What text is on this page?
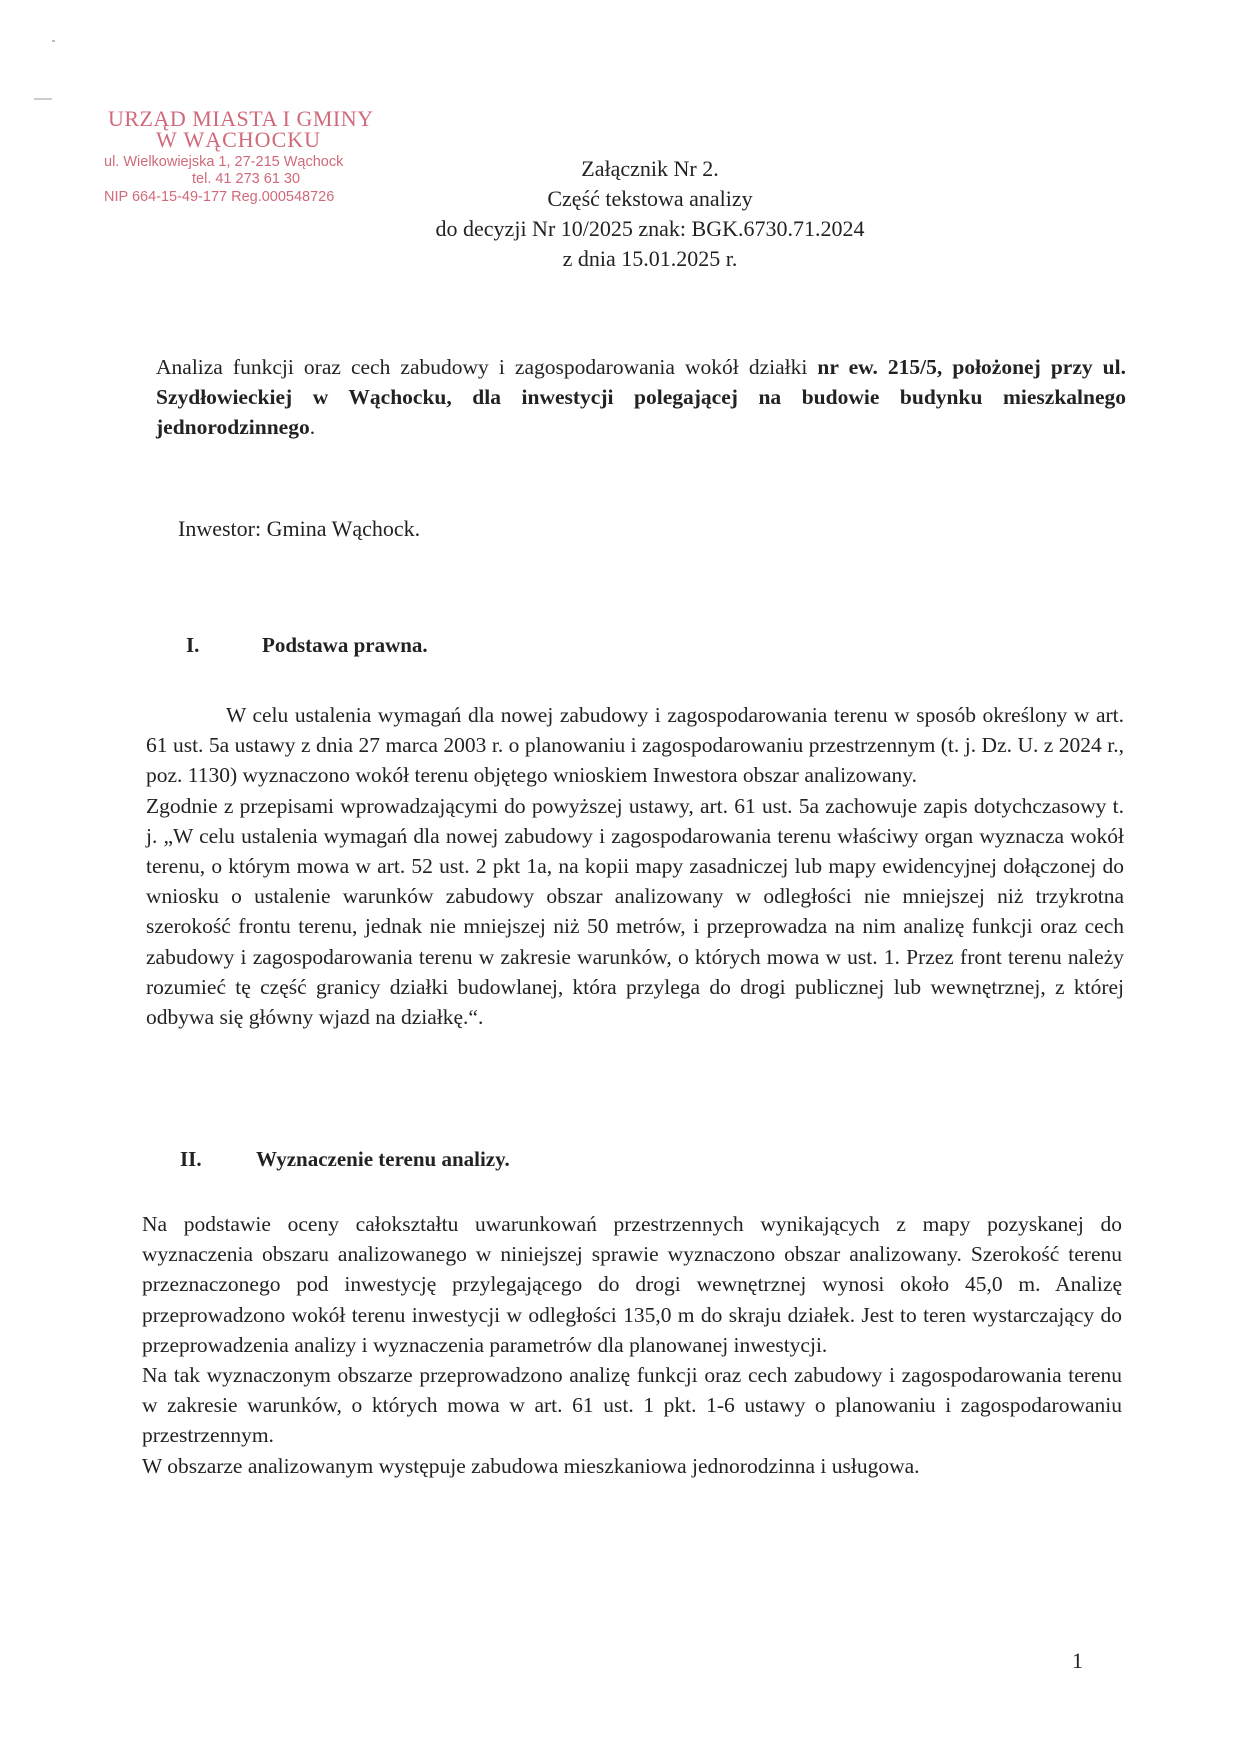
URZĄD MIASTA I GMINY
W WĄCHOCKU
ul. Wielkowiejska 1, 27-215 Wąchock
tel. 41 273 61 30
NIP 664-15-49-177 Reg.000548726
Załącznik Nr 2.
Część tekstowa analizy
do decyzji Nr 10/2025 znak: BGK.6730.71.2024
z dnia 15.01.2025 r.
Analiza funkcji oraz cech zabudowy i zagospodarowania wokół działki nr ew. 215/5, położonej przy ul. Szydłowieckiej w Wąchocku, dla inwestycji polegającej na budowie budynku mieszkalnego jednorodzinnego.
Inwestor: Gmina Wąchock.
I.	Podstawa prawna.

W celu ustalenia wymagań dla nowej zabudowy i zagospodarowania terenu w sposób określony w art. 61 ust. 5a ustawy z dnia 27 marca 2003 r. o planowaniu i zagospodarowaniu przestrzennym (t. j. Dz. U. z 2024 r., poz. 1130) wyznaczono wokół terenu objętego wnioskiem Inwestora obszar analizowany.

Zgodnie z przepisami wprowadzającymi do powyższej ustawy, art. 61 ust. 5a zachowuje zapis dotychczasowy t. j. „W celu ustalenia wymagań dla nowej zabudowy i zagospodarowania terenu właściwy organ wyznacza wokół terenu, o którym mowa w art. 52 ust. 2 pkt 1a, na kopii mapy zasadniczej lub mapy ewidencyjnej dołączonej do wniosku o ustalenie warunków zabudowy obszar analizowany w odległości nie mniejszej niż trzykrotna szerokość frontu terenu, jednak nie mniejszej niż 50 metrów, i przeprowadza na nim analizę funkcji oraz cech zabudowy i zagospodarowania terenu w zakresie warunków, o których mowa w ust. 1. Przez front terenu należy rozumieć tę część granicy działki budowlanej, która przylega do drogi publicznej lub wewnętrznej, z której odbywa się główny wjazd na działkę.“.

II.	Wyznaczenie terenu analizy.

Na podstawie oceny całokształtu uwarunkowań przestrzennych wynikających z mapy pozyskanej do wyznaczenia obszaru analizowanego w niniejszej sprawie wyznaczono obszar analizowany. Szerokość terenu przeznaczonego pod inwestycję przylegającego do drogi wewnętrznej wynosi około 45,0 m. Analizę przeprowadzono wokół terenu inwestycji w odległości 135,0 m do skraju działek. Jest to teren wystarczający do przeprowadzenia analizy i wyznaczenia parametrów dla planowanej inwestycji.

Na tak wyznaczonym obszarze przeprowadzono analizę funkcji oraz cech zabudowy i zagospodarowania terenu w zakresie warunków, o których mowa w art. 61 ust. 1 pkt. 1-6 ustawy o planowaniu i zagospodarowaniu przestrzennym.

W obszarze analizowanym występuje zabudowa mieszkaniowa jednorodzinna i usługowa.

1
